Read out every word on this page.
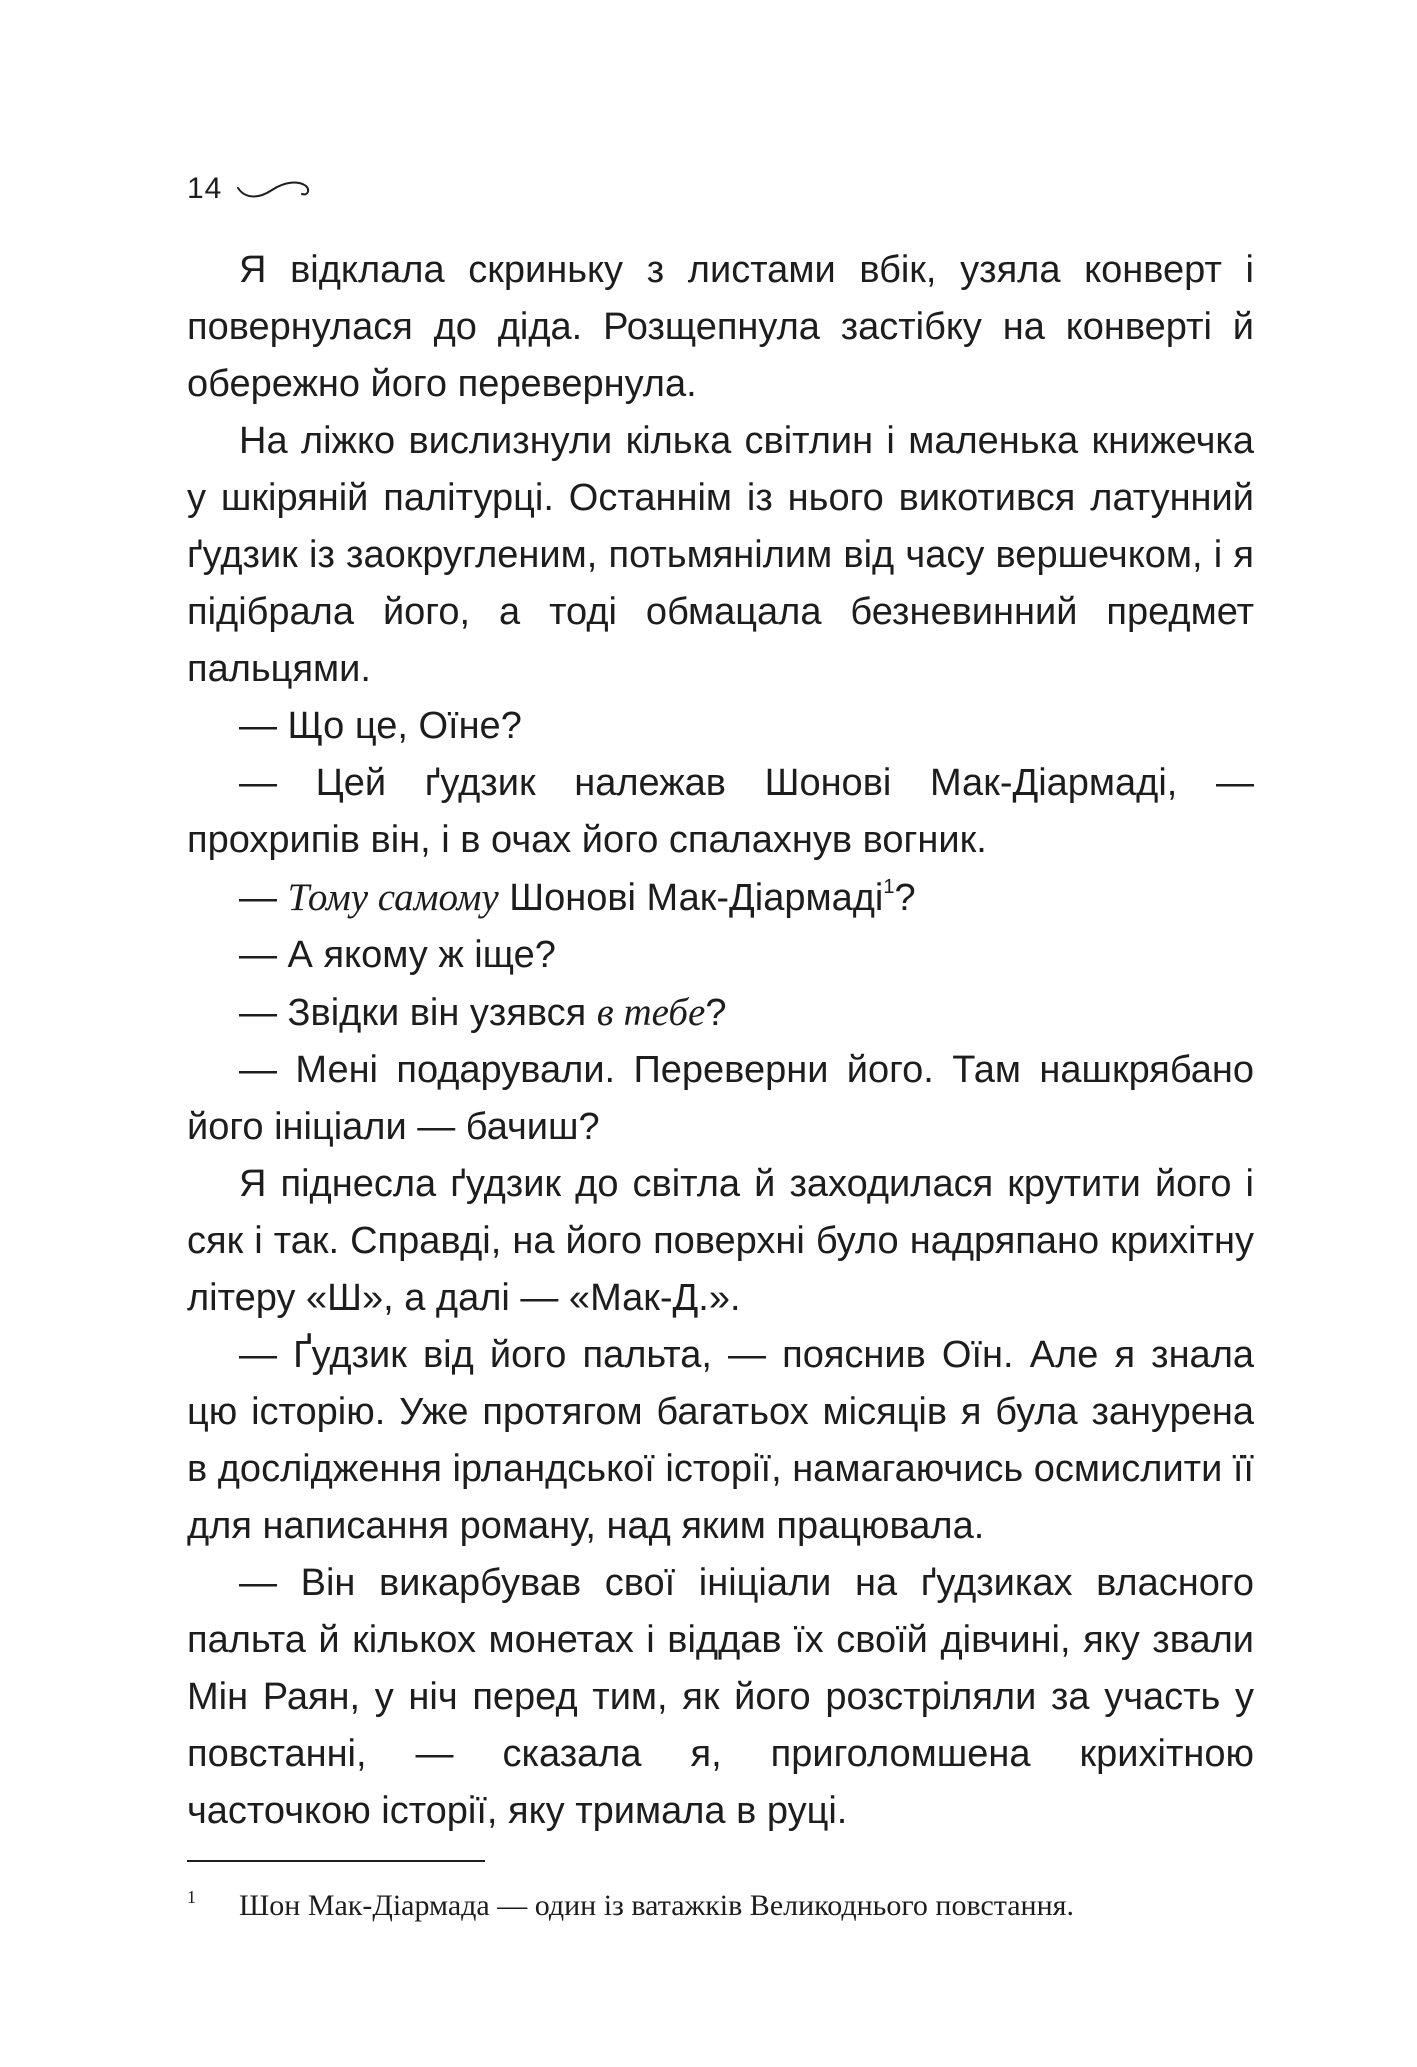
14

Я відклала скриньку з листами вбік, узяла конверт і повернулася до діда. Розщепнула застібку на конверті й обережно його перевернула.

На ліжко вислизнули кілька світлин і маленька книжечка у шкіряній палітурці. Останнім із нього викотився латунний ґудзик із заокругленим, потьмянілим від часу вершечком, і я підібрала його, а тоді обмацала безневинний предмет пальцями.

— Що це, Оїне?

— Цей ґудзик належав Шонові Мак-Діармаді, — прохрипів він, і в очах його спалахнув вогник.

— Тому самому Шонові Мак-Діармаді$^1$?

— А якому ж іще?

— Звідки він узявся в тебе?

— Мені подарували. Переверни його. Там нашкрябано його ініціали — бачиш?

Я піднесла ґудзик до світла й заходилася крутити його і сяк і так. Справді, на його поверхні було надряпано крихітну літеру «Ш», а далі — «Мак-Д.».

— Ґудзик від його пальта, — пояснив Оїн. Але я знала цю історію. Уже протягом багатьох місяців я була занурена в дослідження ірландської історії, намагаючись осмислити її для написання роману, над яким працювала.

— Він викарбував свої ініціали на ґудзиках власного пальта й кількох монетах і віддав їх своїй дівчині, яку звали Мін Раян, у ніч перед тим, як його розстріляли за участь у повстанні, — сказала я, приголомшена крихітною часточкою історії, яку тримала в руці.

1	Шон Мак-Діармада — один із ватажків Великоднього повстання.
